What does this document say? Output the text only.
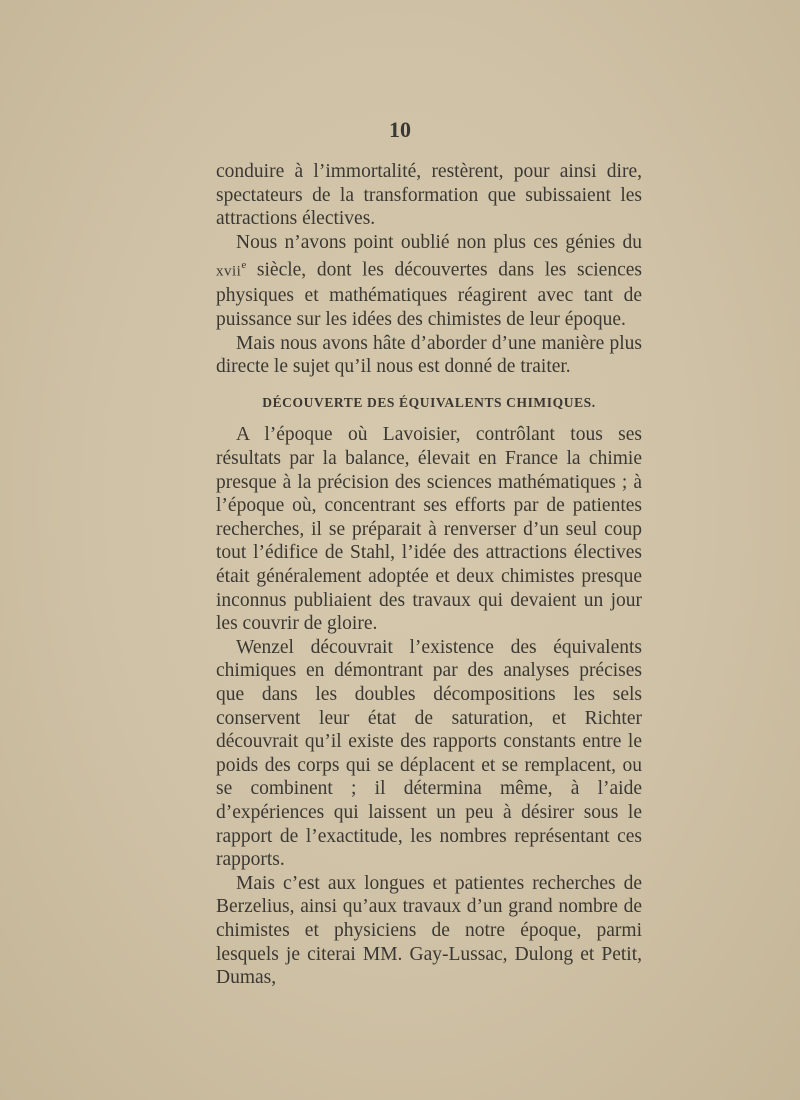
10

conduire à l’immortalité, restèrent, pour ainsi dire, spectateurs de la transformation que subissaient les attractions électives.

Nous n’avons point oublié non plus ces génies du xvii$^e$ siècle, dont les découvertes dans les sciences physiques et mathématiques réagirent avec tant de puissance sur les idées des chimistes de leur époque.

Mais nous avons hâte d’aborder d’une manière plus directe le sujet qu’il nous est donné de traiter.

DÉCOUVERTE DES ÉQUIVALENTS CHIMIQUES.

A l’époque où Lavoisier, contrôlant tous ses résultats par la balance, élevait en France la chimie presque à la précision des sciences mathématiques ; à l’époque où, concentrant ses efforts par de patientes recherches, il se préparait à renverser d’un seul coup tout l’édifice de Stahl, l’idée des attractions électives était généralement adoptée et deux chimistes presque inconnus publiaient des travaux qui devaient un jour les couvrir de gloire.

Wenzel découvrait l’existence des équivalents chimiques en démontrant par des analyses précises que dans les doubles décompositions les sels conservent leur état de saturation, et Richter découvrait qu’il existe des rapports constants entre le poids des corps qui se déplacent et se remplacent, ou se combinent ; il détermina même, à l’aide d’expériences qui laissent un peu à désirer sous le rapport de l’exactitude, les nombres représentant ces rapports.

Mais c’est aux longues et patientes recherches de Berzelius, ainsi qu’aux travaux d’un grand nombre de chimistes et physiciens de notre époque, parmi lesquels je citerai MM. Gay-Lussac, Dulong et Petit, Dumas,
